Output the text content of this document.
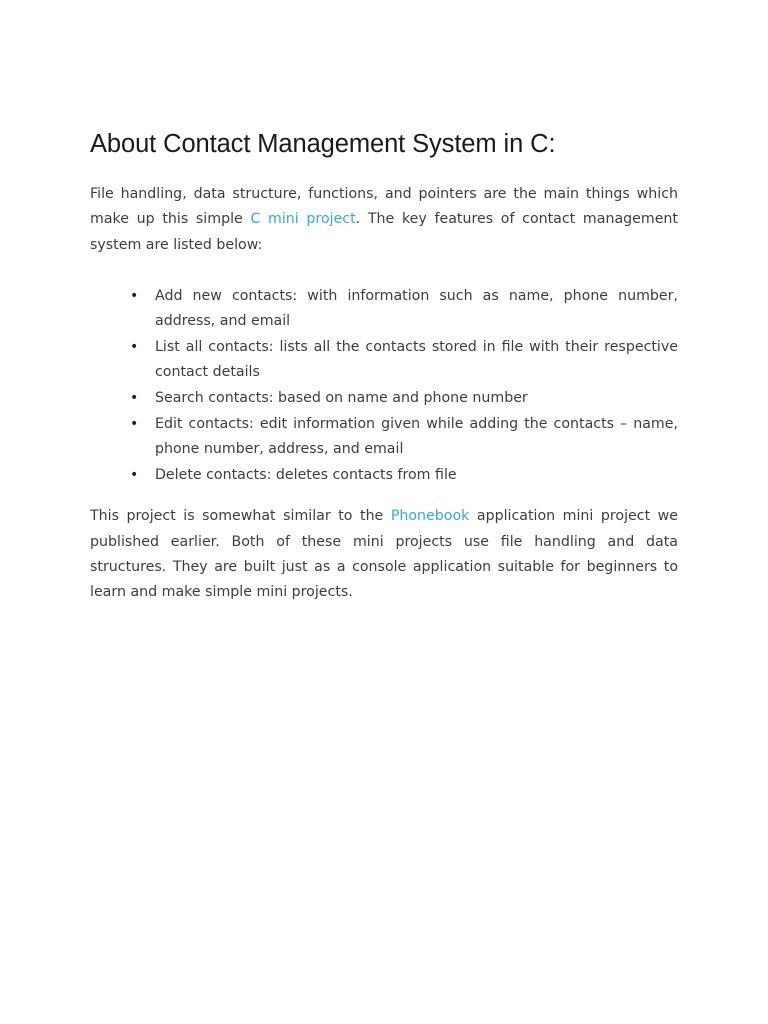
About Contact Management System in C:

File handling, data structure, functions, and pointers are the main things which make up this simple C mini project. The key features of contact management system are listed below:

• Add new contacts: with information such as name, phone number, address, and email
• List all contacts: lists all the contacts stored in file with their respective contact details
• Search contacts: based on name and phone number
• Edit contacts: edit information given while adding the contacts – name, phone number, address, and email
• Delete contacts: deletes contacts from file

This project is somewhat similar to the Phonebook application mini project we published earlier. Both of these mini projects use file handling and data structures. They are built just as a console application suitable for beginners to learn and make simple mini projects.
